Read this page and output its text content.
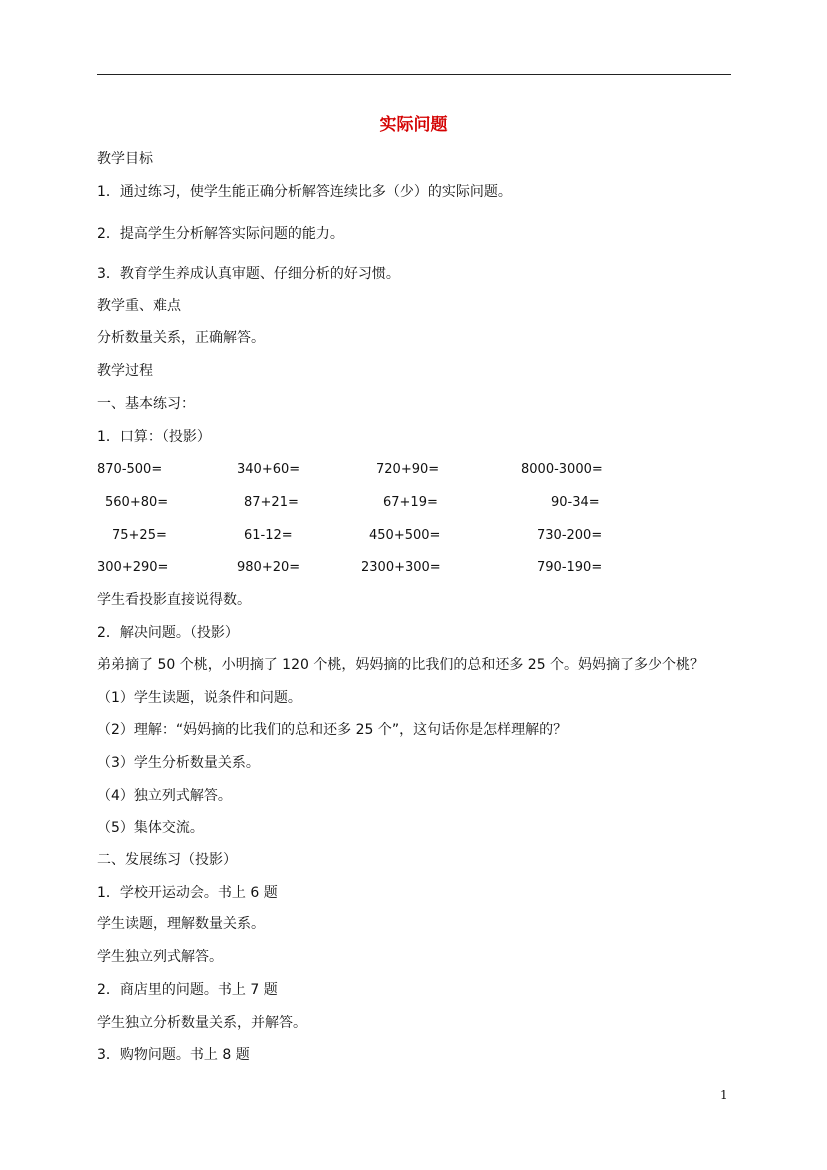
实际问题
教学目标
1．通过练习，使学生能正确分析解答连续比多（少）的实际问题。
2．提高学生分析解答实际问题的能力。
3．教育学生养成认真审题、仔细分析的好习惯。
教学重、难点
分析数量关系，正确解答。
教学过程
一、基本练习：
1．口算：（投影）
870-500=	340+60=	720+90=	8000-3000=
560+80=	87+21=	67+19=	90-34=
75+25=	61-12=	450+500=	730-200=
300+290=	980+20=	2300+300=	790-190=
学生看投影直接说得数。
2．解决问题。（投影）
弟弟摘了 50 个桃，小明摘了 120 个桃，妈妈摘的比我们的总和还多 25 个。妈妈摘了多少个桃？
（1）学生读题，说条件和问题。
（2）理解：“妈妈摘的比我们的总和还多 25 个”，这句话你是怎样理解的？
（3）学生分析数量关系。
（4）独立列式解答。
（5）集体交流。
二、发展练习（投影）
1．学校开运动会。书上 6 题
学生读题，理解数量关系。
学生独立列式解答。
2．商店里的问题。书上 7 题
学生独立分析数量关系，并解答。
3．购物问题。书上 8 题
1
